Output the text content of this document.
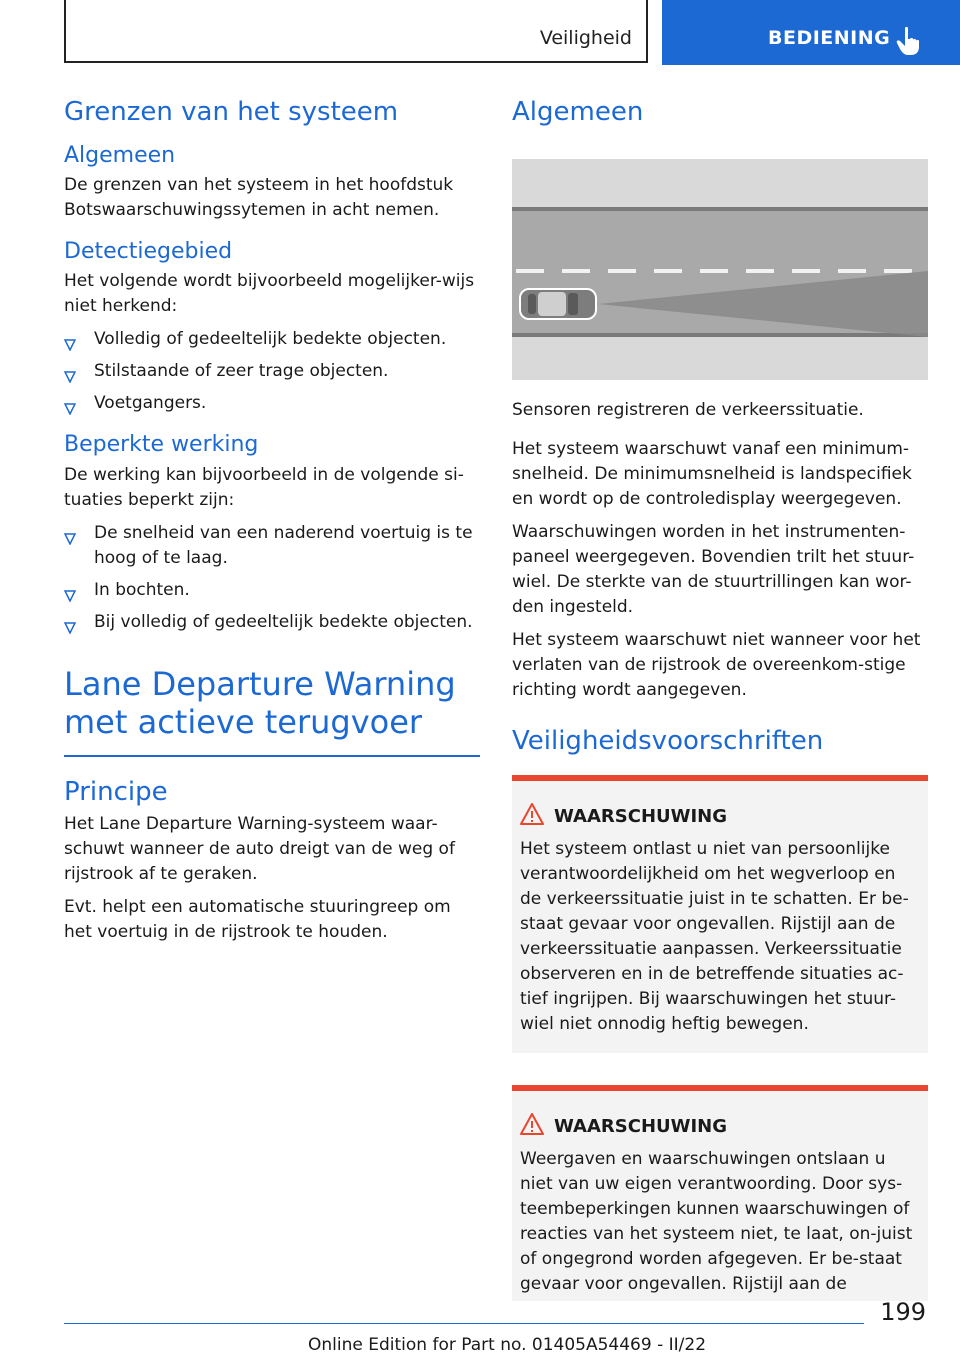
Veiligheid	BEDIENING
Grenzen van het systeem
Algemeen

De grenzen van het systeem in het hoofdstuk Botswaarschuwingssytemen in acht nemen.

Detectiegebied

Het volgende wordt bijvoorbeeld mogelijker-wijs niet herkend:

Volledig of gedeeltelijk bedekte objecten.
Stilstaande of zeer trage objecten.
Voetgangers.
Beperkte werking

De werking kan bijvoorbeeld in de volgende si-tuaties beperkt zijn:

De snelheid van een naderend voertuig is te hoog of te laag.
In bochten.
Bij volledig of gedeeltelijk bedekte objecten.
Lane Departure Warning met actieve terugvoer
Principe

Het Lane Departure Warning-systeem waar-schuwt wanneer de auto dreigt van de weg of rijstrook af te geraken.

Evt. helpt een automatische stuuringreep om het voertuig in de rijstrook te houden.

Algemeen

Sensoren registreren de verkeerssituatie.

Het systeem waarschuwt vanaf een minimum-snelheid. De minimumsnelheid is landspecifiek en wordt op de controledisplay weergegeven.

Waarschuwingen worden in het instrumenten-paneel weergegeven. Bovendien trilt het stuur-wiel. De sterkte van de stuurtrillingen kan wor-den ingesteld.

Het systeem waarschuwt niet wanneer voor het verlaten van de rijstrook de overeenkom-stige richting wordt aangegeven.

Veiligheidsvoorschriften
WAARSCHUWING

Het systeem ontlast u niet van persoonlijke verantwoordelijkheid om het wegverloop en de verkeerssituatie juist in te schatten. Er be-staat gevaar voor ongevallen. Rijstijl aan de verkeerssituatie aanpassen. Verkeerssituatie observeren en in de betreffende situaties ac-tief ingrijpen. Bij waarschuwingen het stuur-wiel niet onnodig heftig bewegen.

WAARSCHUWING

Weergaven en waarschuwingen ontslaan u niet van uw eigen verantwoording. Door sys-teembeperkingen kunnen waarschuwingen of reacties van het systeem niet, te laat, on-juist of ongegrond worden afgegeven. Er be-staat gevaar voor ongevallen. Rijstijl aan de

199
Online Edition for Part no. 01405A54469 - II/22
